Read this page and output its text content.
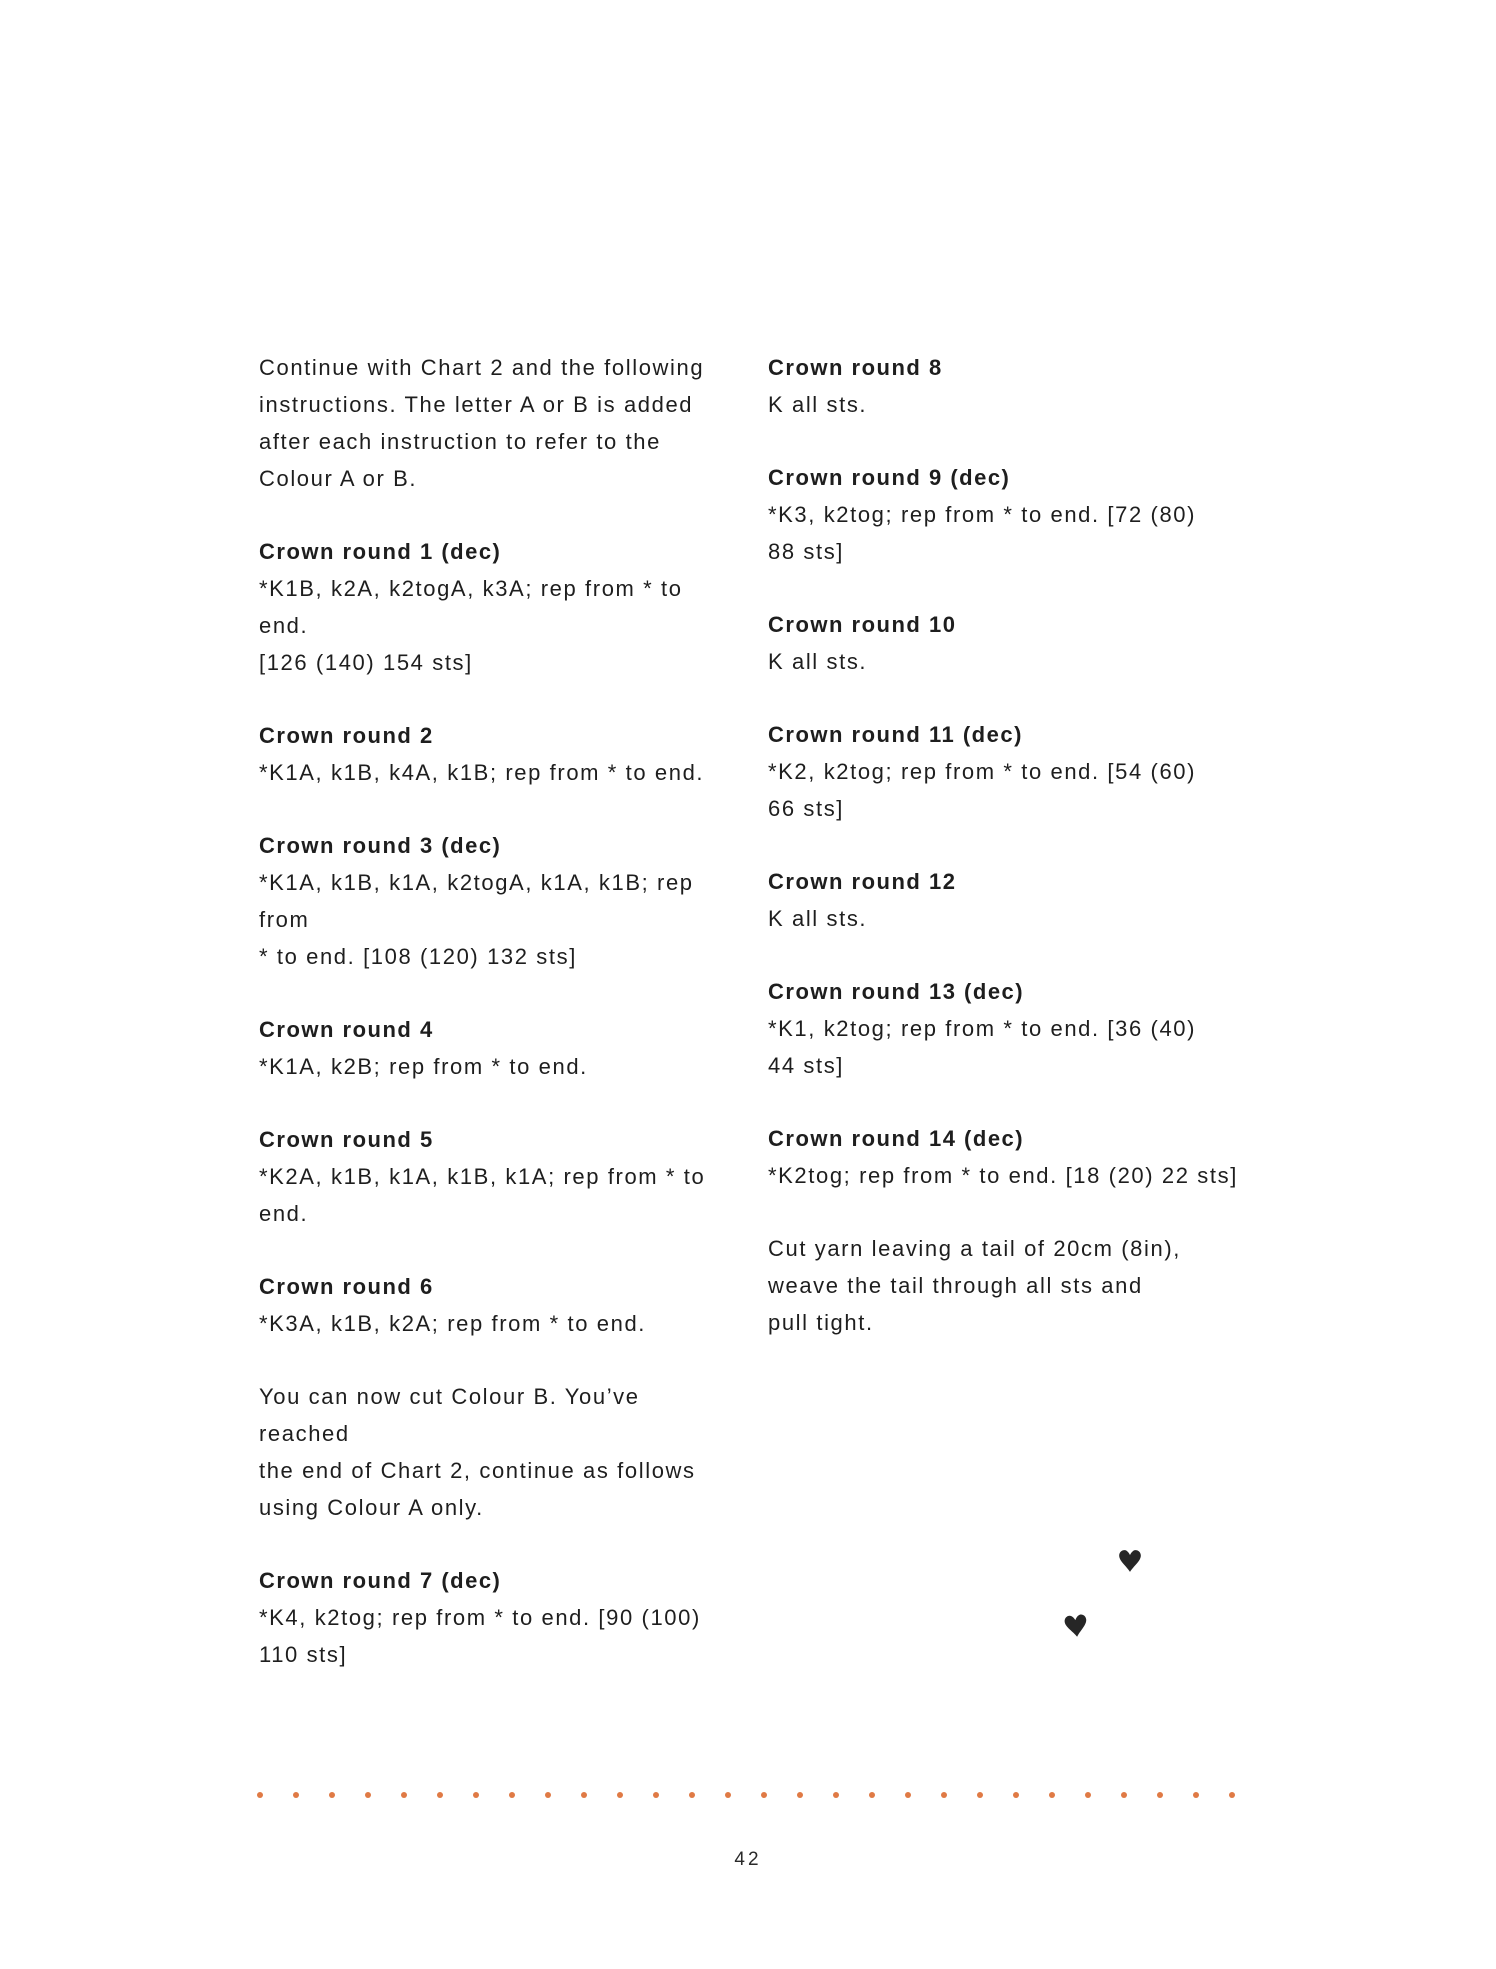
Continue with Chart 2 and the following
instructions. The letter A or B is added
after each instruction to refer to the
Colour A or B.
Crown round 1 (dec)
*K1B, k2A, k2togA, k3A; rep from * to end.
[126 (140) 154 sts]
Crown round 2
*K1A, k1B, k4A, k1B; rep from * to end.
Crown round 3 (dec)
*K1A, k1B, k1A, k2togA, k1A, k1B; rep from
* to end. [108 (120) 132 sts]
Crown round 4
*K1A, k2B; rep from * to end.
Crown round 5
*K2A, k1B, k1A, k1B, k1A; rep from * to end.
Crown round 6
*K3A, k1B, k2A; rep from * to end.
You can now cut Colour B. You’ve reached
the end of Chart 2, continue as follows
using Colour A only.
Crown round 7 (dec)
*K4, k2tog; rep from * to end. [90 (100)
110 sts]
Crown round 8
K all sts.
Crown round 9 (dec)
*K3, k2tog; rep from * to end. [72 (80)
88 sts]
Crown round 10
K all sts.
Crown round 11 (dec)
*K2, k2tog; rep from * to end. [54 (60)
66 sts]
Crown round 12
K all sts.
Crown round 13 (dec)
*K1, k2tog; rep from * to end. [36 (40)
44 sts]
Crown round 14 (dec)
*K2tog; rep from * to end. [18 (20) 22 sts]
Cut yarn leaving a tail of 20cm (8in),
weave the tail through all sts and
pull tight.
42
